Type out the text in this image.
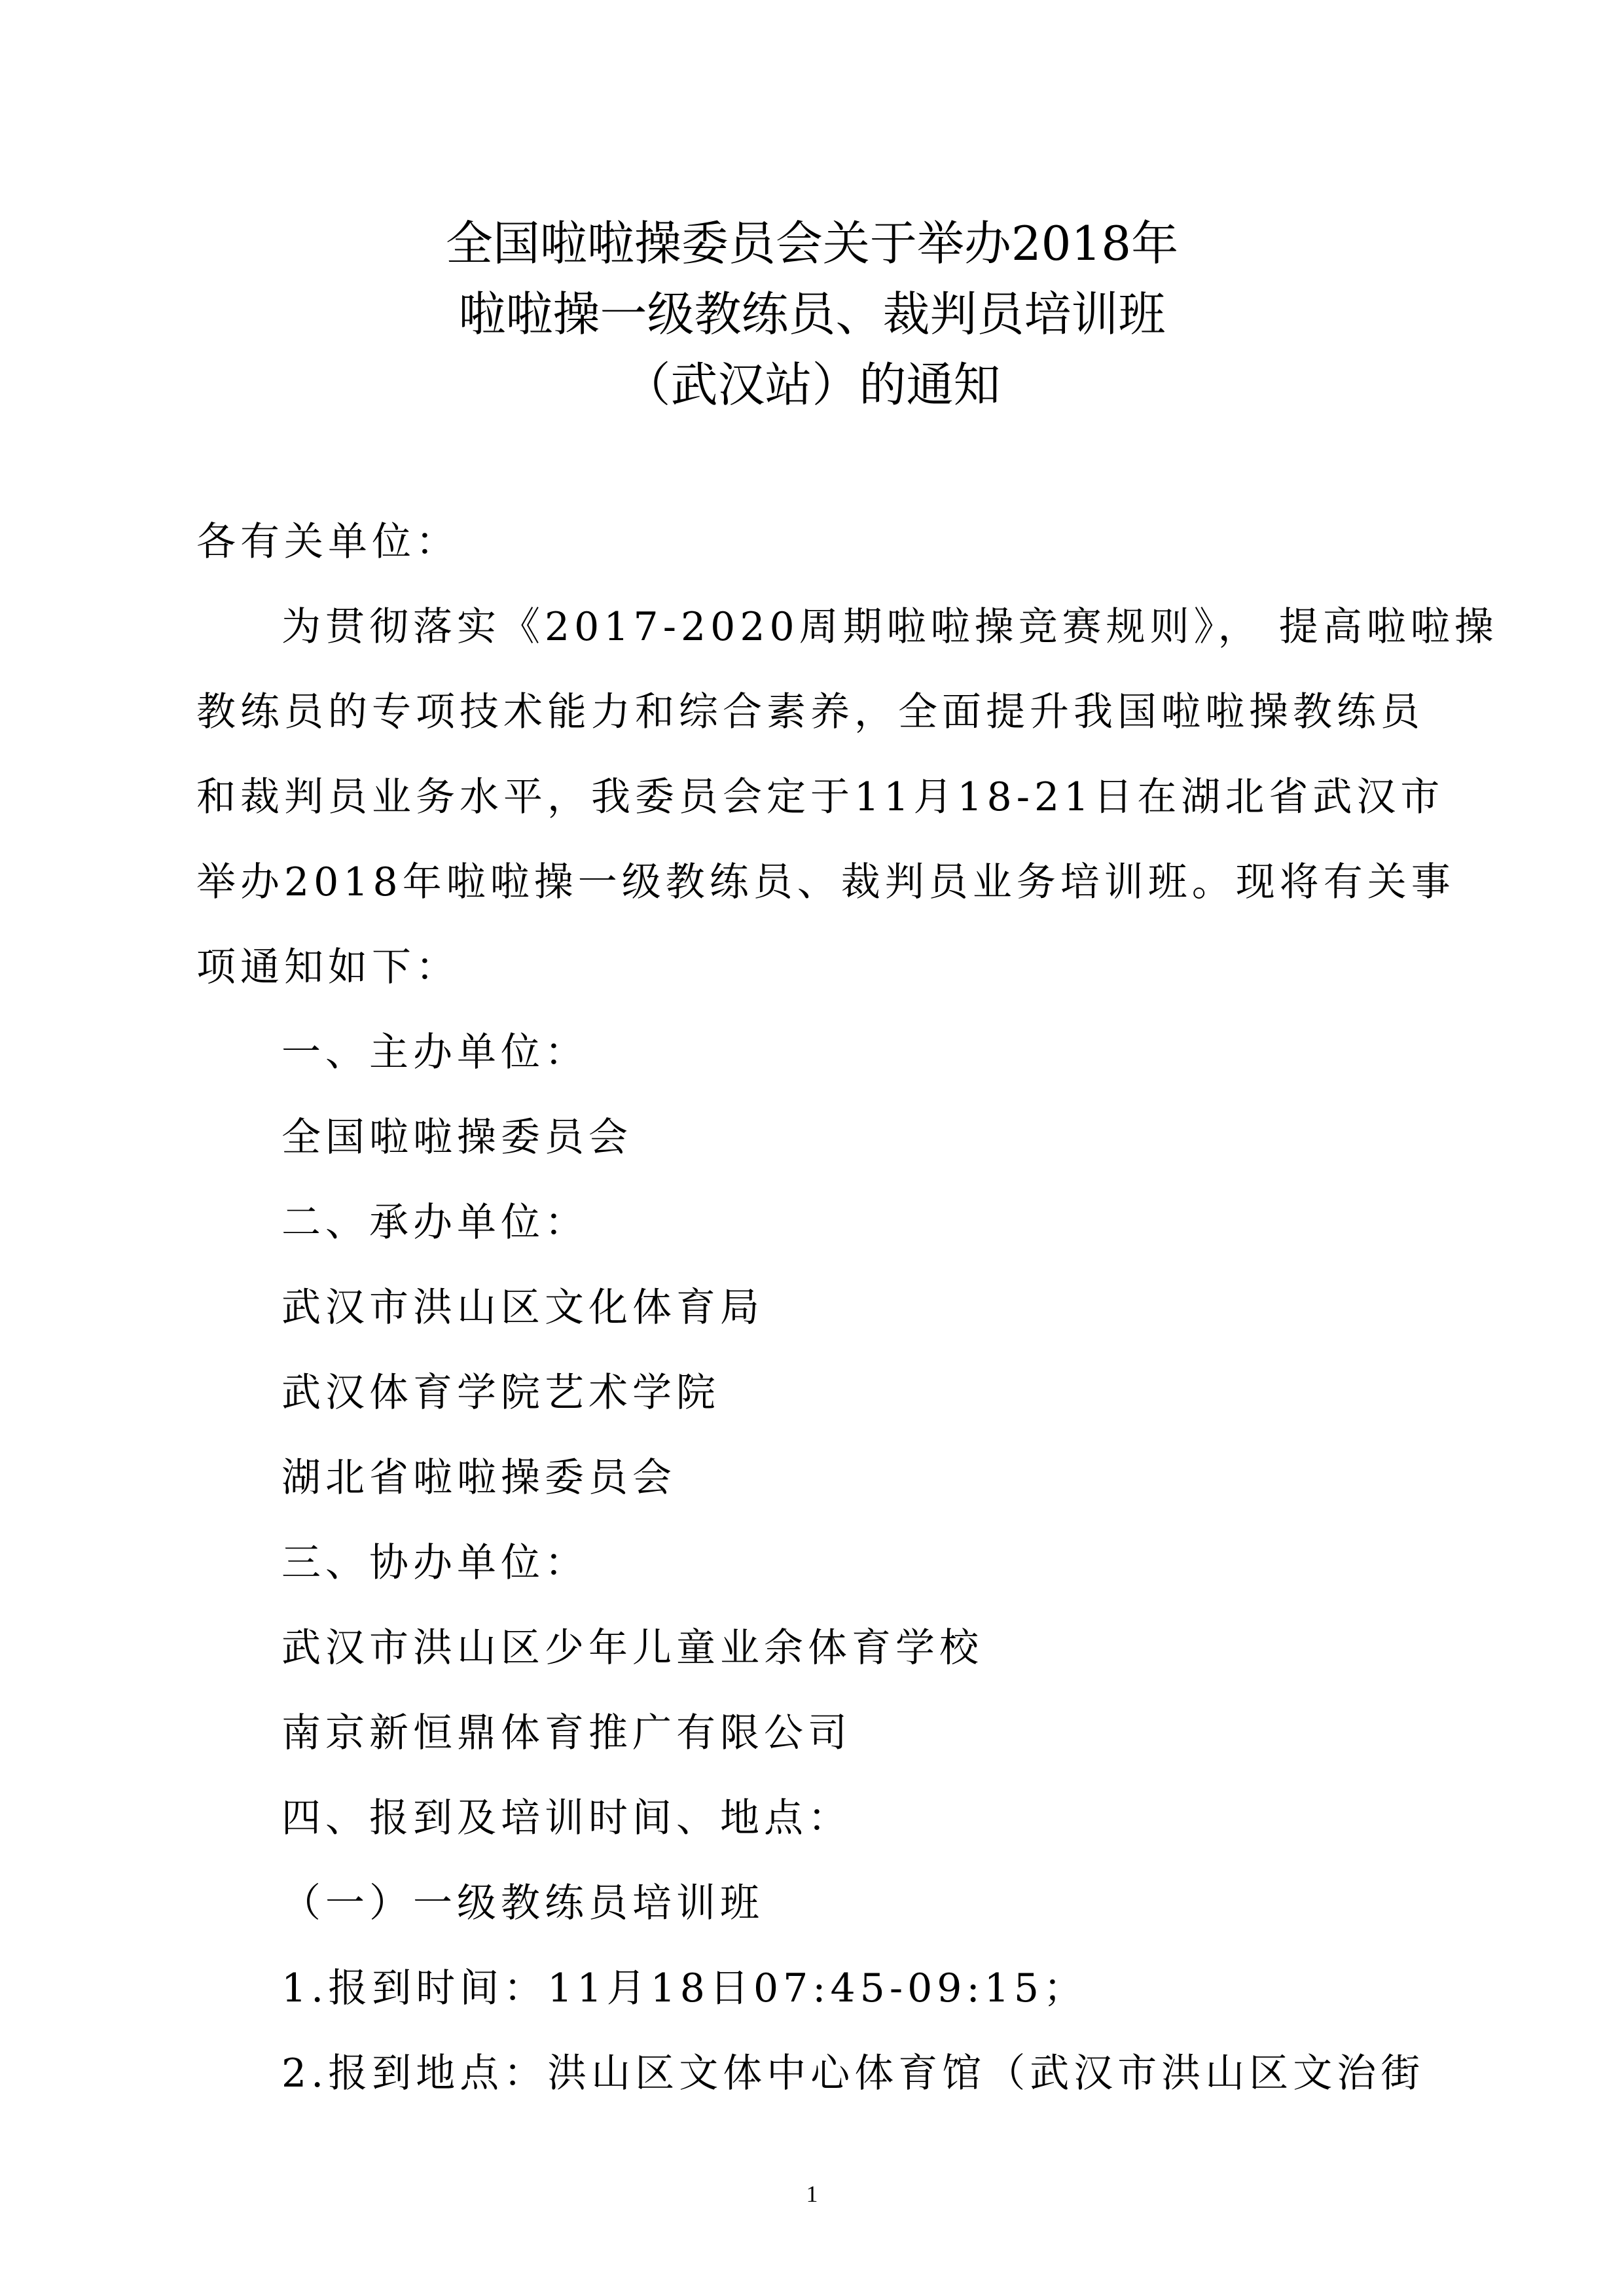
全国啦啦操委员会关于举办2018年
啦啦操一级教练员、裁判员培训班
（武汉站）的通知
各有关单位：
为贯彻落实《2017-2020周期啦啦操竞赛规则》， 提高啦啦操
教练员的专项技术能力和综合素养，全面提升我国啦啦操教练员
和裁判员业务水平，我委员会定于11月18-21日在湖北省武汉市
举办2018年啦啦操一级教练员、裁判员业务培训班。现将有关事
项通知如下：
一、主办单位：
全国啦啦操委员会
二、承办单位：
武汉市洪山区文化体育局
武汉体育学院艺术学院
湖北省啦啦操委员会
三、协办单位：
武汉市洪山区少年儿童业余体育学校
南京新恒鼎体育推广有限公司
四、报到及培训时间、地点：
（一）一级教练员培训班
1.报到时间：11月18日07:45-09:15；
2.报到地点：洪山区文体中心体育馆（武汉市洪山区文治街
1
